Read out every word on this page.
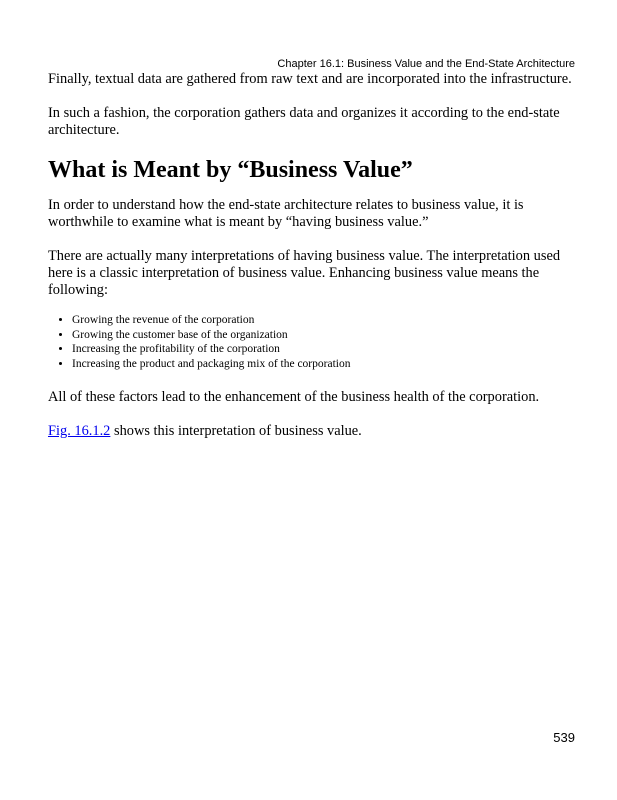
Chapter 16.1: Business Value and the End-State Architecture

Finally, textual data are gathered from raw text and are incorporated into the infrastructure.

In such a fashion, the corporation gathers data and organizes it according to the end-state architecture.

What is Meant by “Business Value”

In order to understand how the end-state architecture relates to business value, it is worthwhile to examine what is meant by “having business value.”

There are actually many interpretations of having business value. The interpretation used here is a classic interpretation of business value. Enhancing business value means the following:

• Growing the revenue of the corporation
• Growing the customer base of the organization
• Increasing the profitability of the corporation
• Increasing the product and packaging mix of the corporation

All of these factors lead to the enhancement of the business health of the corporation.

Fig. 16.1.2 shows this interpretation of business value.

539
